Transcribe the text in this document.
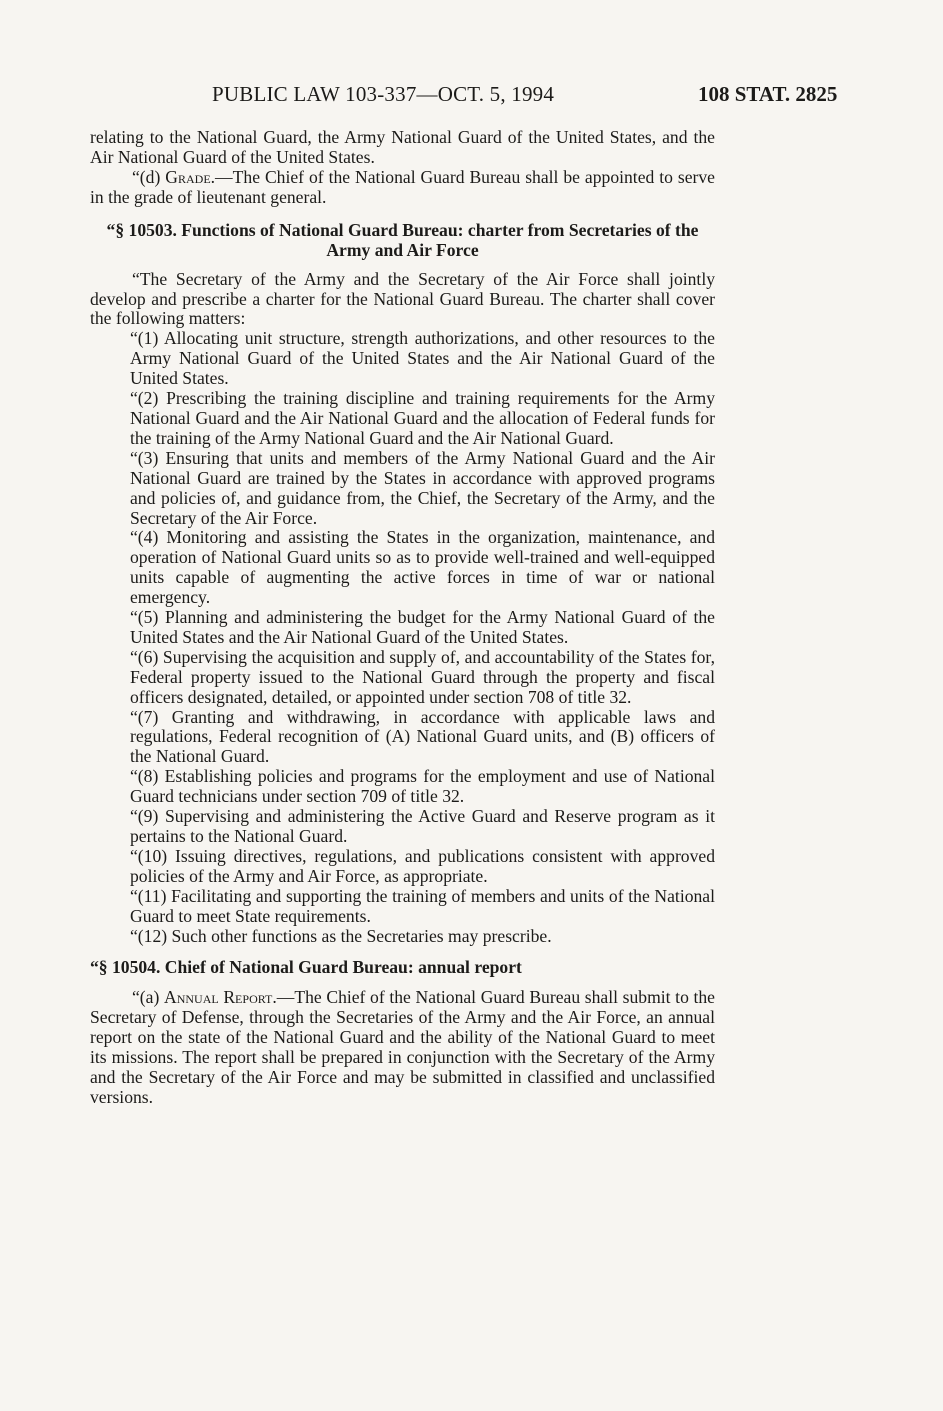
PUBLIC LAW 103-337—OCT. 5, 1994	108 STAT. 2825

relating to the National Guard, the Army National Guard of the United States, and the Air National Guard of the United States.

“(d) Grade.—The Chief of the National Guard Bureau shall be appointed to serve in the grade of lieutenant general.

“§ 10503. Functions of National Guard Bureau: charter from Secretaries of the Army and Air Force

“The Secretary of the Army and the Secretary of the Air Force shall jointly develop and prescribe a charter for the National Guard Bureau. The charter shall cover the following matters:

“(1) Allocating unit structure, strength authorizations, and other resources to the Army National Guard of the United States and the Air National Guard of the United States.

“(2) Prescribing the training discipline and training requirements for the Army National Guard and the Air National Guard and the allocation of Federal funds for the training of the Army National Guard and the Air National Guard.

“(3) Ensuring that units and members of the Army National Guard and the Air National Guard are trained by the States in accordance with approved programs and policies of, and guidance from, the Chief, the Secretary of the Army, and the Secretary of the Air Force.

“(4) Monitoring and assisting the States in the organization, maintenance, and operation of National Guard units so as to provide well-trained and well-equipped units capable of augmenting the active forces in time of war or national emergency.

“(5) Planning and administering the budget for the Army National Guard of the United States and the Air National Guard of the United States.

“(6) Supervising the acquisition and supply of, and accountability of the States for, Federal property issued to the National Guard through the property and fiscal officers designated, detailed, or appointed under section 708 of title 32.

“(7) Granting and withdrawing, in accordance with applicable laws and regulations, Federal recognition of (A) National Guard units, and (B) officers of the National Guard.

“(8) Establishing policies and programs for the employment and use of National Guard technicians under section 709 of title 32.

“(9) Supervising and administering the Active Guard and Reserve program as it pertains to the National Guard.

“(10) Issuing directives, regulations, and publications consistent with approved policies of the Army and Air Force, as appropriate.

“(11) Facilitating and supporting the training of members and units of the National Guard to meet State requirements.

“(12) Such other functions as the Secretaries may prescribe.

“§ 10504. Chief of National Guard Bureau: annual report

“(a) Annual Report.—The Chief of the National Guard Bureau shall submit to the Secretary of Defense, through the Secretaries of the Army and the Air Force, an annual report on the state of the National Guard and the ability of the National Guard to meet its missions. The report shall be prepared in conjunction with the Secretary of the Army and the Secretary of the Air Force and may be submitted in classified and unclassified versions.
